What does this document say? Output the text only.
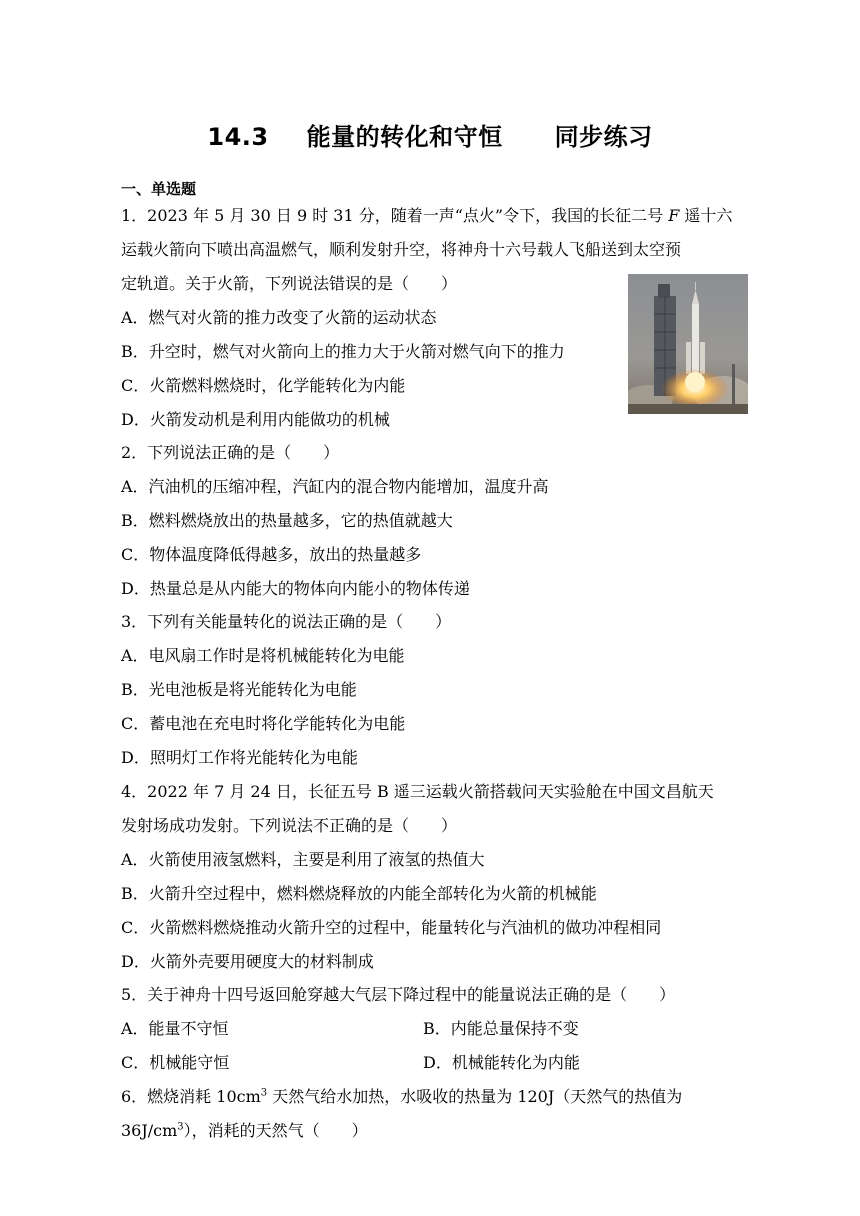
14.3 能量的转化和守恒 同步练习
一、单选题
1．2023 年 5 月 30 日 9 时 31 分，随着一声“点火”令下，我国的长征二号 F 遥十六
运载火箭向下喷出高温燃气，顺利发射升空，将神舟十六号载人飞船送到太空预
定轨道。关于火箭，下列说法错误的是（　　）
A．燃气对火箭的推力改变了火箭的运动状态
B．升空时，燃气对火箭向上的推力大于火箭对燃气向下的推力
C．火箭燃料燃烧时，化学能转化为内能
D．火箭发动机是利用内能做功的机械
2．下列说法正确的是（　　）
A．汽油机的压缩冲程，汽缸内的混合物内能增加，温度升高
B．燃料燃烧放出的热量越多，它的热值就越大
C．物体温度降低得越多，放出的热量越多
D．热量总是从内能大的物体向内能小的物体传递
3．下列有关能量转化的说法正确的是（　　）
A．电风扇工作时是将机械能转化为电能
B．光电池板是将光能转化为电能
C．蓄电池在充电时将化学能转化为电能
D．照明灯工作将光能转化为电能
4．2022 年 7 月 24 日，长征五号 B 遥三运载火箭搭载问天实验舱在中国文昌航天
发射场成功发射。下列说法不正确的是（　　）
A．火箭使用液氢燃料，主要是利用了液氢的热值大
B．火箭升空过程中，燃料燃烧释放的内能全部转化为火箭的机械能
C．火箭燃料燃烧推动火箭升空的过程中，能量转化与汽油机的做功冲程相同
D．火箭外壳要用硬度大的材料制成
5．关于神舟十四号返回舱穿越大气层下降过程中的能量说法正确的是（　　）
A．能量不守恒	B．内能总量保持不变
C．机械能守恒	D．机械能转化为内能
6．燃烧消耗 $10cm^3$ 天然气给水加热，水吸收的热量为 120J（天然气的热值为
$36J/cm^3$），消耗的天然气（　　）
